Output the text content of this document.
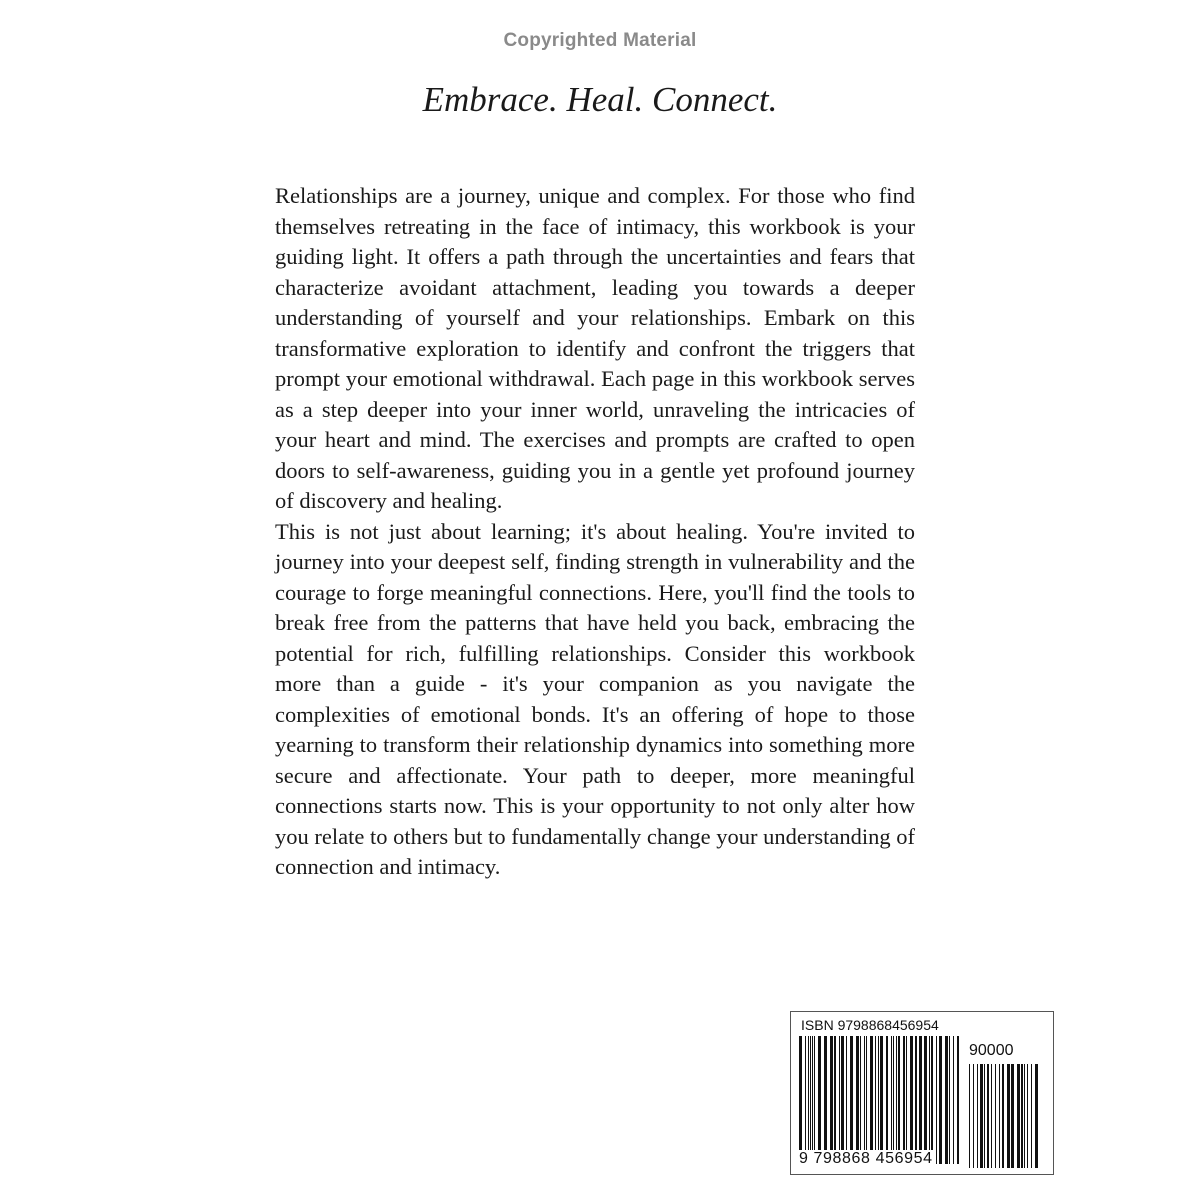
Copyrighted Material
Embrace. Heal. Connect.

Relationships are a journey, unique and complex. For those who find themselves retreating in the face of intimacy, this workbook is your guiding light. It offers a path through the uncertainties and fears that characterize avoidant attachment, leading you towards a deeper understanding of yourself and your relationships. Embark on this transformative exploration to identify and confront the triggers that prompt your emotional withdrawal. Each page in this workbook serves as a step deeper into your inner world, unraveling the intricacies of your heart and mind. The exercises and prompts are crafted to open doors to self-awareness, guiding you in a gentle yet profound journey of discovery and healing.

This is not just about learning; it's about healing. You're invited to journey into your deepest self, finding strength in vulnerability and the courage to forge meaningful connections. Here, you'll find the tools to break free from the patterns that have held you back, embracing the potential for rich, fulfilling relationships. Consider this workbook more than a guide - it's your companion as you navigate the complexities of emotional bonds. It's an offering of hope to those yearning to transform their relationship dynamics into something more secure and affectionate. Your path to deeper, more meaningful connections starts now. This is your opportunity to not only alter how you relate to others but to fundamentally change your understanding of connection and intimacy.

ISBN 9798868456954
90000
9 798868 456954
